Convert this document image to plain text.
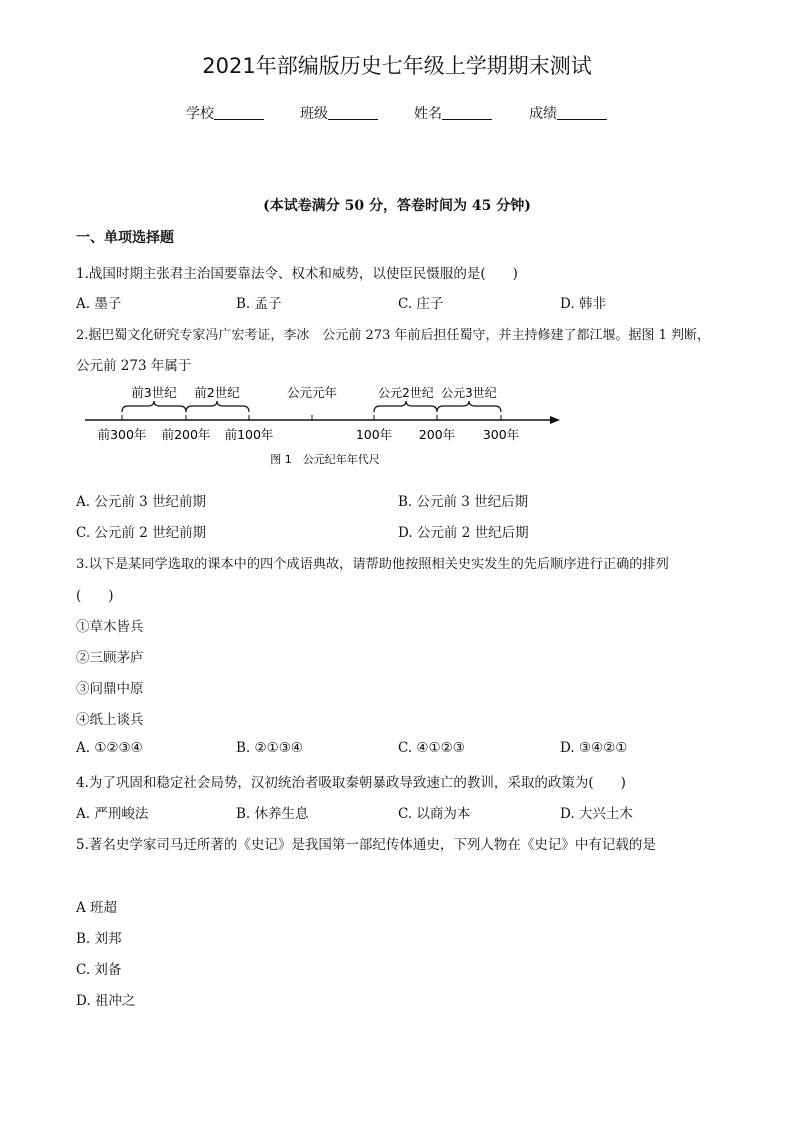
2021年部编版历史七年级上学期期末测试
学校	班级	姓名	成绩
(本试卷满分 50 分，答卷时间为 45 分钟)
一、单项选择题
1.战国时期主张君主治国要靠法令、权术和威势，以使臣民慑服的是(　　)
A. 墨子	B. 孟子	C. 庄子	D. 韩非
2.据巴蜀文化研究专家冯广宏考证，李冰　公元前 273 年前后担任蜀守，并主持修建了都江堰。据图 1 判断，
公元前 273 年属于
前3世纪 前2世纪	公元元年	公元2世纪 公元3世纪
前300年 前200年 前100年	100年 200年 300年
图 1　公元纪年年代尺
A. 公元前 3 世纪前期	B. 公元前 3 世纪后期
C. 公元前 2 世纪前期	D. 公元前 2 世纪后期
3.以下是某同学选取的课本中的四个成语典故，请帮助他按照相关史实发生的先后顺序进行正确的排列
(　　)
①草木皆兵
②三顾茅庐
③问鼎中原
④纸上谈兵
A. ①②③④	B. ②①③④	C. ④①②③	D. ③④②①
4.为了巩固和稳定社会局势，汉初统治者吸取秦朝暴政导致速亡的教训，采取的政策为(　　)
A. 严刑峻法	B. 休养生息	C. 以商为本	D. 大兴土木
5.著名史学家司马迁所著的《史记》是我国第一部纪传体通史，下列人物在《史记》中有记载的是
A 班超
B. 刘邦
C. 刘备
D. 祖冲之
